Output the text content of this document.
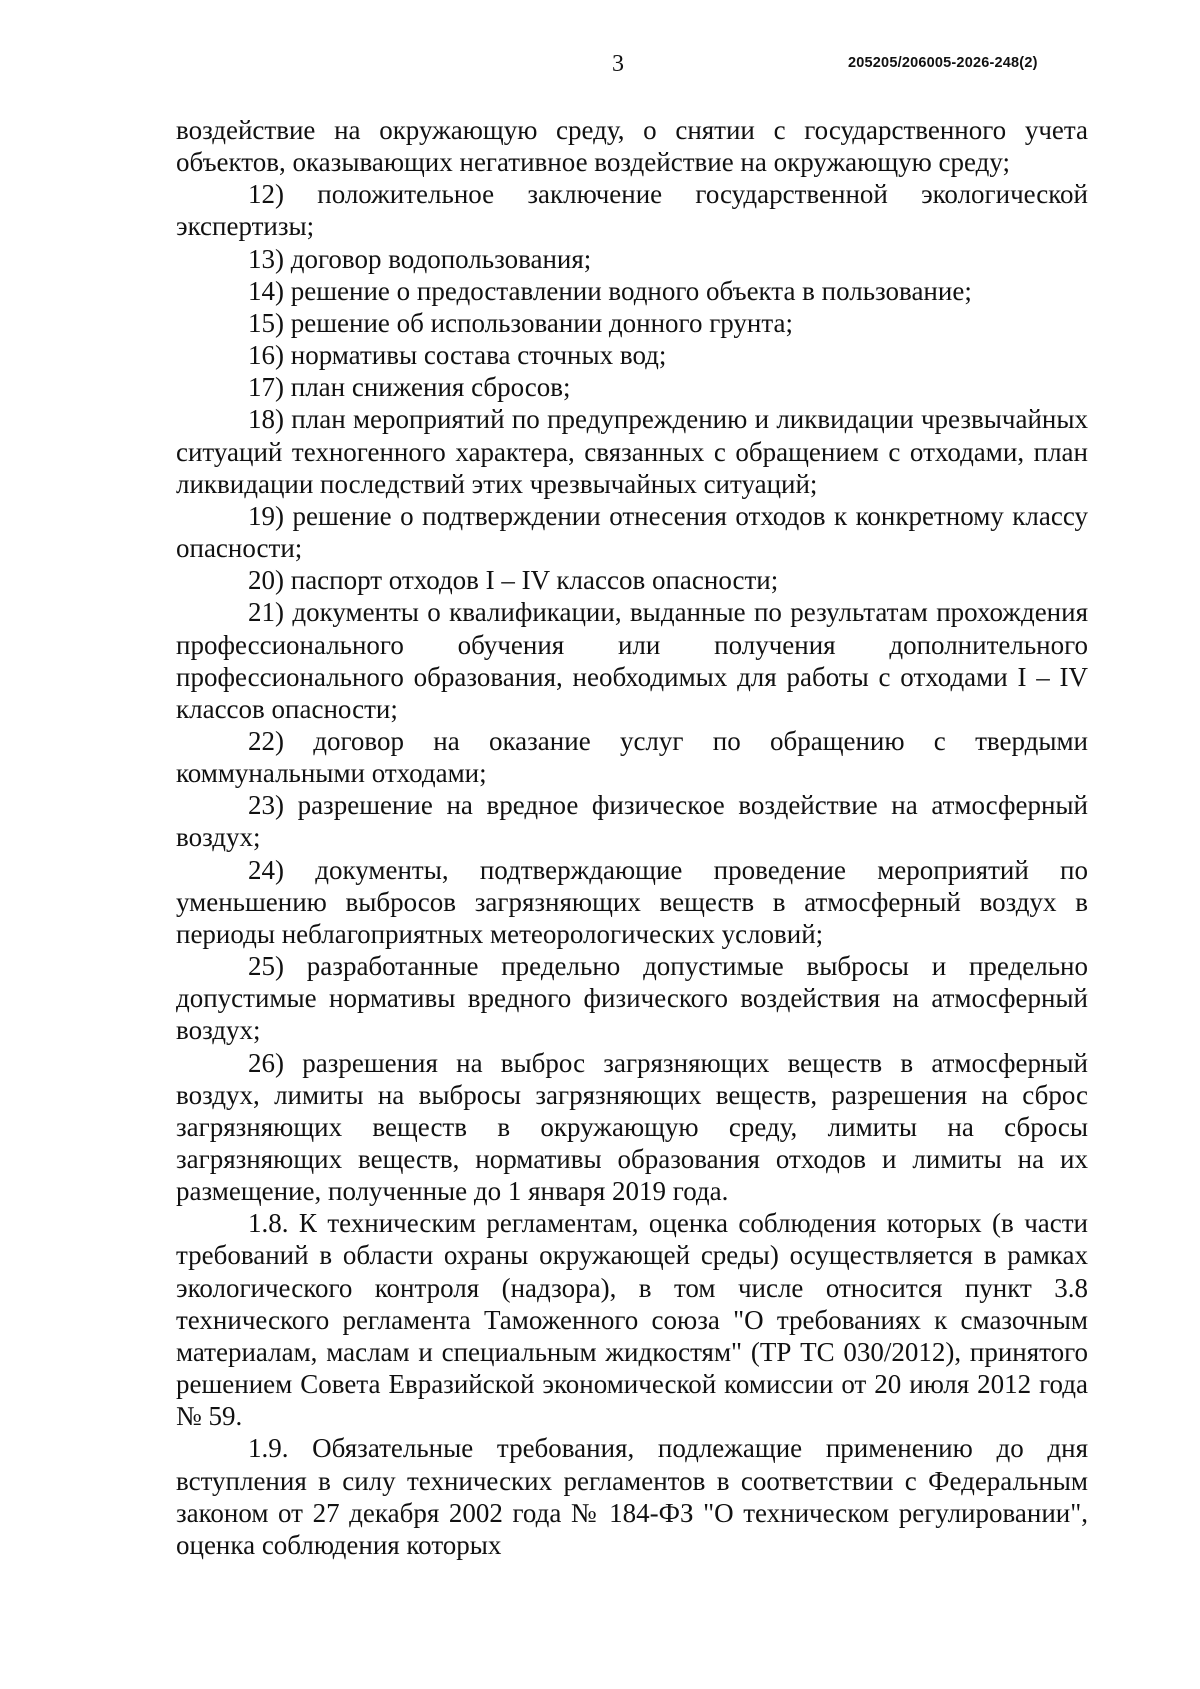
3	205205/206005-2026-248(2)

воздействие на окружающую среду, о снятии с государственного учета объектов, оказывающих негативное воздействие на окружающую среду;

12) положительное заключение государственной экологической экспертизы;

13) договор водопользования;

14) решение о предоставлении водного объекта в пользование;

15) решение об использовании донного грунта;

16) нормативы состава сточных вод;

17) план снижения сбросов;

18) план мероприятий по предупреждению и ликвидации чрезвычайных ситуаций техногенного характера, связанных с обращением с отходами, план ликвидации последствий этих чрезвычайных ситуаций;

19) решение о подтверждении отнесения отходов к конкретному классу опасности;

20) паспорт отходов I – IV классов опасности;

21) документы о квалификации, выданные по результатам прохождения профессионального обучения или получения дополнительного профессионального образования, необходимых для работы с отходами I – IV классов опасности;

22) договор на оказание услуг по обращению с твердыми коммунальными отходами;

23) разрешение на вредное физическое воздействие на атмосферный воздух;

24) документы, подтверждающие проведение мероприятий по уменьшению выбросов загрязняющих веществ в атмосферный воздух в периоды неблагоприятных метеорологических условий;

25) разработанные предельно допустимые выбросы и предельно допустимые нормативы вредного физического воздействия на атмосферный воздух;

26) разрешения на выброс загрязняющих веществ в атмосферный воздух, лимиты на выбросы загрязняющих веществ, разрешения на сброс загрязняющих веществ в окружающую среду, лимиты на сбросы загрязняющих веществ, нормативы образования отходов и лимиты на их размещение, полученные до 1 января 2019 года.

1.8. К техническим регламентам, оценка соблюдения которых (в части требований в области охраны окружающей среды) осуществляется в рамках экологического контроля (надзора), в том числе относится пункт 3.8 технического регламента Таможенного союза "О требованиях к смазочным материалам, маслам и специальным жидкостям" (ТР ТС 030/2012), принятого решением Совета Евразийской экономической комиссии от 20 июля 2012 года № 59.

1.9. Обязательные требования, подлежащие применению до дня вступления в силу технических регламентов в соответствии с Федеральным законом от 27 декабря 2002 года № 184-ФЗ "О техническом регулировании", оценка соблюдения которых
